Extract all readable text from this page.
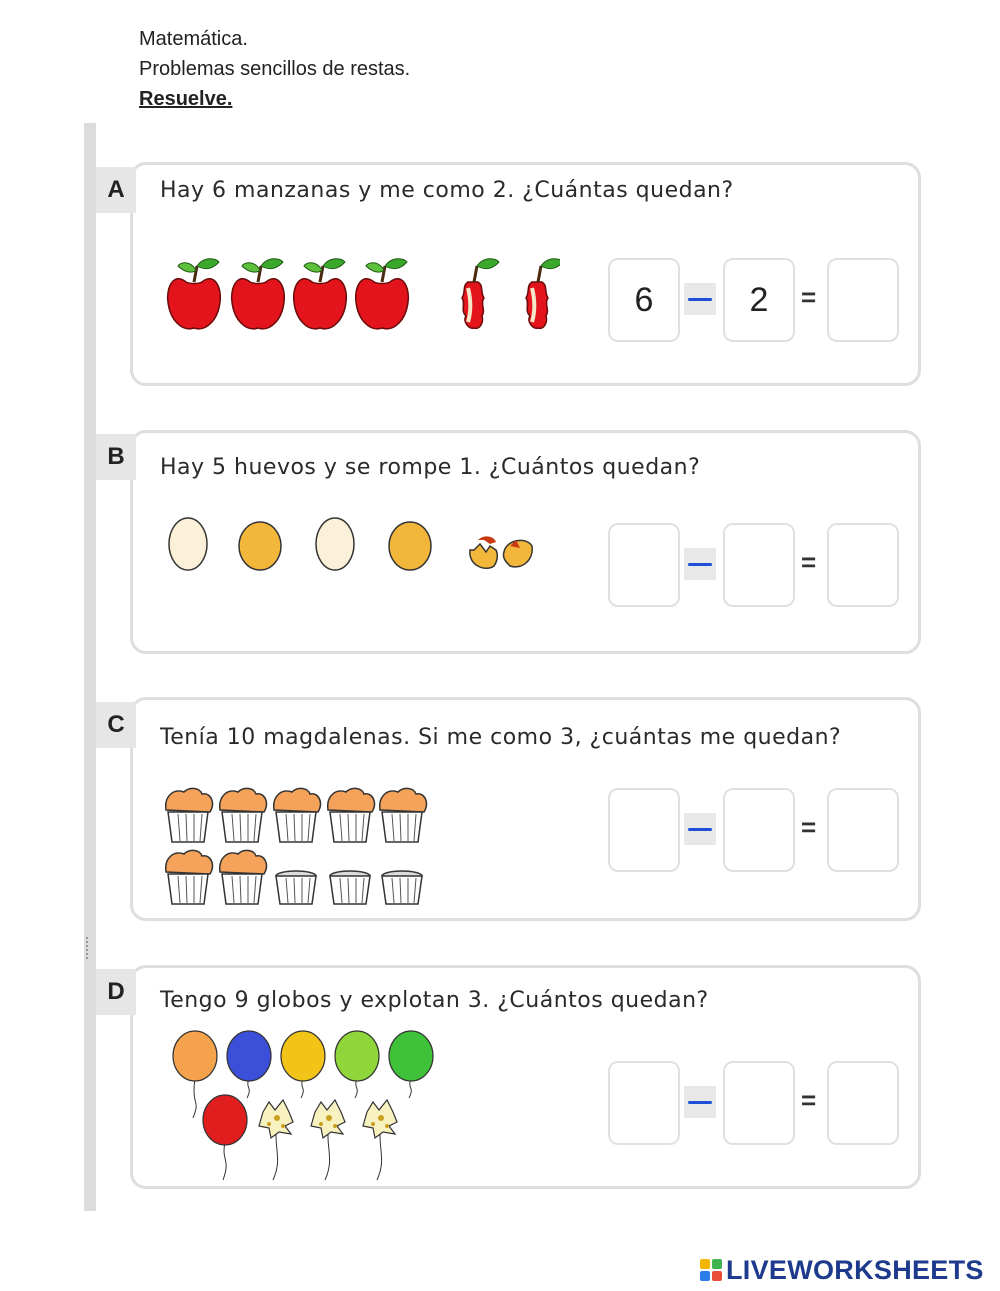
Matemática.
Problemas sencillos de restas.
Resuelve.
A	Hay 6 manzanas y me como 2. ¿Cuántas quedan?
6	2	=
B	Hay 5 huevos y se rompe 1. ¿Cuántos quedan?
=
C	Tenía 10 magdalenas. Si me como 3, ¿cuántas me quedan?
=
D	Tengo 9 globos y explotan 3. ¿Cuántos quedan?
=
LIVEWORKSHEETS
